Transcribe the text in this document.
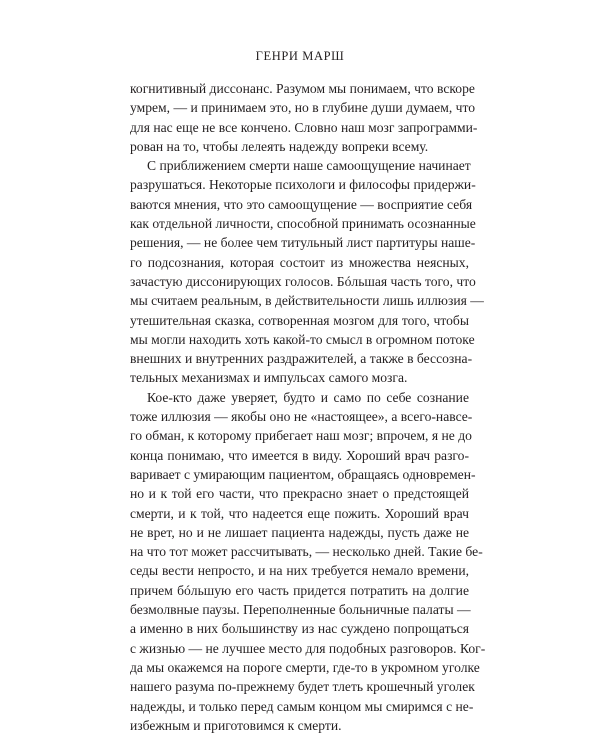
ГЕНРИ МАРШ

когнитивный диссонанс. Разумом мы понимаем, что вскоре
умрем, — и принимаем это, но в глубине души думаем, что
для нас еще не все кончено. Словно наш мозг запрограмми-
рован на то, чтобы лелеять надежду вопреки всему.

С приближением смерти наше самоощущение начинает
разрушаться. Некоторые психологи и философы придержи-
ваются мнения, что это самоощущение — восприятие себя
как отдельной личности, способной принимать осознанные
решения, — не более чем титульный лист партитуры наше-
го подсознания, которая состоит из множества неясных,
зачастую диссонирующих голосов. Бóльшая часть того, что
мы считаем реальным, в действительности лишь иллюзия —
утешительная сказка, сотворенная мозгом для того, чтобы
мы могли находить хоть какой-то смысл в огромном потоке
внешних и внутренних раздражителей, а также в бессозна-
тельных механизмах и импульсах самого мозга.

Кое-кто даже уверяет, будто и само по себе сознание
тоже иллюзия — якобы оно не «настоящее», а всего-навсе-
го обман, к которому прибегает наш мозг; впрочем, я не до
конца понимаю, что имеется в виду. Хороший врач разго-
варивает с умирающим пациентом, обращаясь одновремен-
но и к той его части, что прекрасно знает о предстоящей
смерти, и к той, что надеется еще пожить. Хороший врач
не врет, но и не лишает пациента надежды, пусть даже не
на что тот может рассчитывать, — несколько дней. Такие бе-
седы вести непросто, и на них требуется немало времени,
причем бóльшую его часть придется потратить на долгие
безмолвные паузы. Переполненные больничные палаты —
а именно в них большинству из нас суждено попрощаться
с жизнью — не лучшее место для подобных разговоров. Ког-
да мы окажемся на пороге смерти, где-то в укромном уголке
нашего разума по-прежнему будет тлеть крошечный уголек
надежды, и только перед самым концом мы смиримся с не-
избежным и приготовимся к смерти.
